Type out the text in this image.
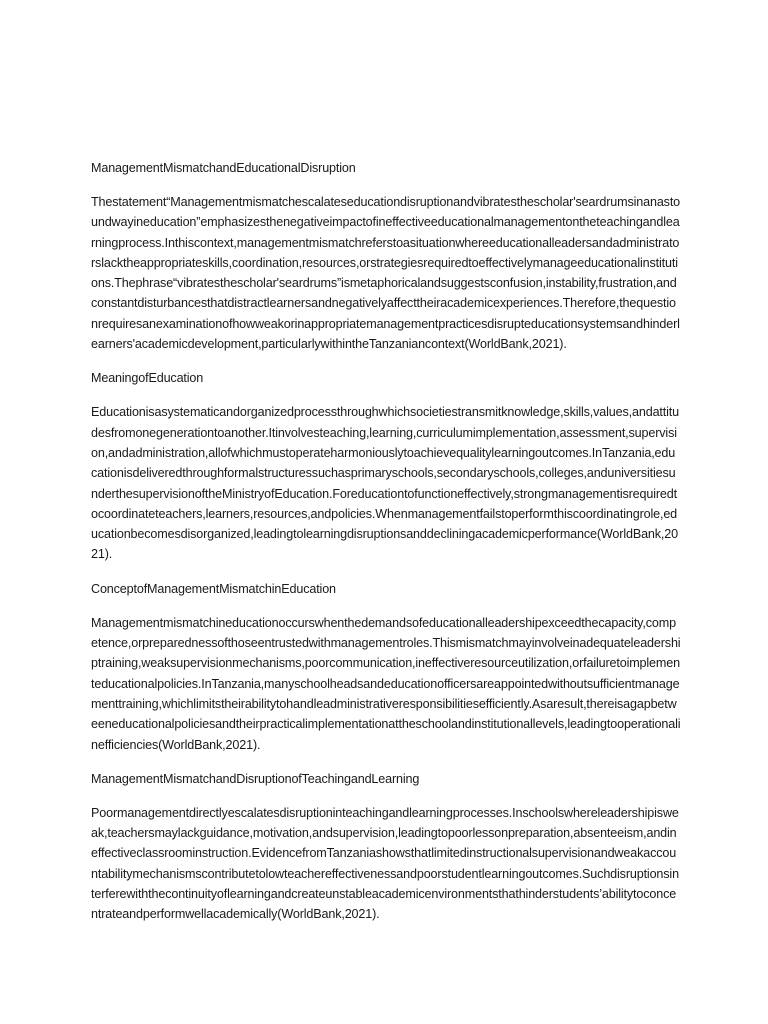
ManagementMismatchandEducationalDisruption
Thestatement“Managementmismatchescalateseducationdisruptionandvibratesthescholar'seardrumsinanastoundwayineducation”emphasizesthenegativeimpactofineffectiveeducationalmanagementontheteachingandlearningprocess.Inthiscontext,managementmismatchreferstoasituationwhereeducationalleadersandadministratorslacktheappropriateskills,coordination,resources,orstrategiesrequiredtoeffectivelymanageeducationalinstitutions.Thephrase“vibratesthescholar'seardrums”ismetaphoricalandsuggestsconfusion,instability,frustration,andconstantdisturbancesthatdistractlearnersandnegativelyaffecttheiracademicexperiences.Therefore,thequestionrequiresanexaminationofhowweakorinappropriatemanagementpracticesdisrupteducationsystemsandhinderlearners'academicdevelopment,particularlywithintheTanzaniancontext(WorldBank,2021).
MeaningofEducation
Educationisasystematicandorganizedprocessthroughwhichsocietiestransmitknowledge,skills,values,andattitudesfromonegenerationtoanother.Itinvolvesteaching,learning,curriculumimplementation,assessment,supervision,andadministration,allofwhichmustoperateharmoniouslytoachievequalitylearningoutcomes.InTanzania,educationisdeliveredthroughformalstructuressuchasprimaryschools,secondaryschools,colleges,anduniversitiesunderthesupervisionoftheMinistryofEducation.Foreducationtofunctioneffectively,strongmanagementisrequiredtocoordinateteachers,learners,resources,andpolicies.Whenmanagementfailstoperformthiscoordinatingrole,educationbecomesdisorganized,leadingtolearningdisruptionsanddecliningacademicperformance(WorldBank,2021).
ConceptofManagementMismatchinEducation
Managementmismatchineducationoccurswhenthedemandsofeducationalleadershipexceedthecapacity,competence,orpreparednessofthoseentrustedwithmanagementroles.Thismismatchmayinvolveinadequateleadershiptraining,weaksupervisionmechanisms,poorcommunication,ineffectiveresourceutilization,orfailuretoimplementeducationalpolicies.InTanzania,manyschoolheadsandeducationofficersareappointedwithoutsufficientmanagementtraining,whichlimitstheirabilitytohandleadministrativeresponsibilitiesefficiently.Asaresult,thereisagapbetweeneducationalpoliciesandtheirpracticalimplementationattheschoolandinstitutionallevels,leadingtooperationalinefficiencies(WorldBank,2021).
ManagementMismatchandDisruptionofTeachingandLearning
Poormanagementdirectlyescalatesdisruptioninteachingandlearningprocesses.Inschoolswhereleadershipisweak,teachersmaylackguidance,motivation,andsupervision,leadingtopoorlessonpreparation,absenteeism,andineffectiveclassroominstruction.EvidencefromTanzaniashowsthatlimitedinstructionalsupervisionandweakaccountabilitymechanismscontributetolowteachereffectivenessandpoorstudentlearningoutcomes.Suchdisruptionsinterferewiththecontinuityoflearningandcreateunstableacademicenvironmentsthathinderstudents’abilitytoconcentrateandperformwellacademically(WorldBank,2021).
